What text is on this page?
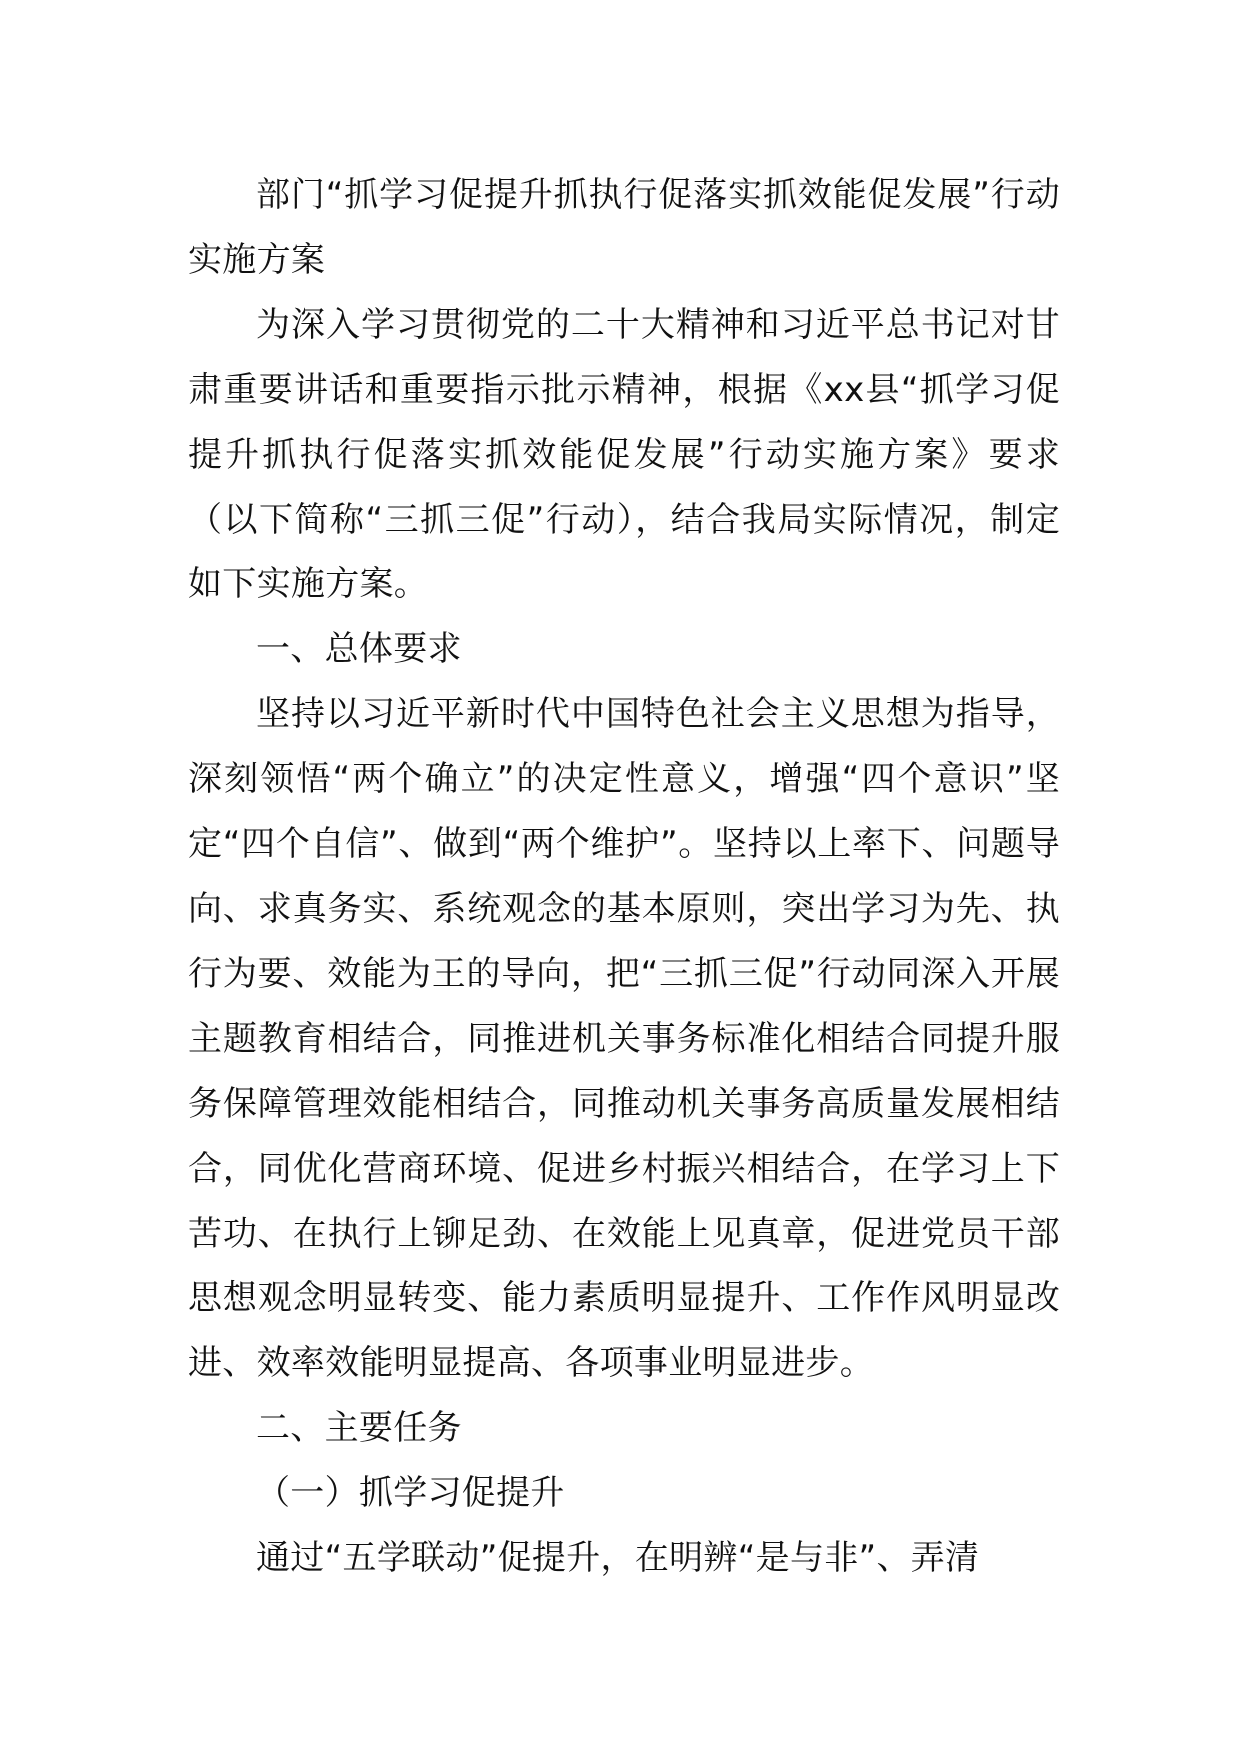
部门“抓学习促提升抓执行促落实抓效能促发展”行动实施方案

为深入学习贯彻党的二十大精神和习近平总书记对甘肃重要讲话和重要指示批示精神，根据《xx县“抓学习促提升抓执行促落实抓效能促发展”行动实施方案》要求（以下简称“三抓三促”行动），结合我局实际情况，制定如下实施方案。

一、总体要求

坚持以习近平新时代中国特色社会主义思想为指导，深刻领悟“两个确立”的决定性意义，增强“四个意识”坚定“四个自信”、做到“两个维护”。坚持以上率下、问题导向、求真务实、系统观念的基本原则，突出学习为先、执行为要、效能为王的导向，把“三抓三促”行动同深入开展主题教育相结合，同推进机关事务标准化相结合同提升服务保障管理效能相结合，同推动机关事务高质量发展相结合，同优化营商环境、促进乡村振兴相结合，在学习上下苦功、在执行上铆足劲、在效能上见真章，促进党员干部思想观念明显转变、能力素质明显提升、工作作风明显改进、效率效能明显提高、各项事业明显进步。

二、主要任务

（一）抓学习促提升

通过“五学联动”促提升，在明辨“是与非”、弄清
